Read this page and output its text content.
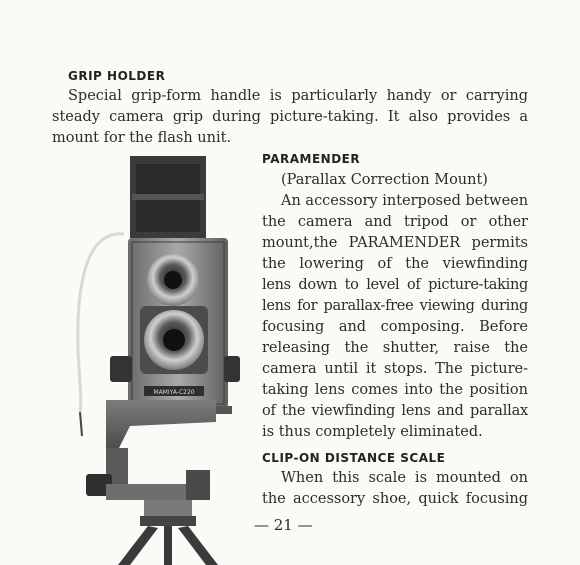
GRIP HOLDER
Special grip-form handle is particularly handy or carrying
steady camera grip during picture-taking. It also provides a
mount for the flash unit.
PARAMENDER
(Parallax Correction Mount)
An accessory interposed between
the camera and tripod or other
mount,the PARAMENDER permits
the lowering of the viewfinding
lens down to level of picture-taking
lens for parallax-free viewing during
focusing and composing. Before
releasing the shutter, raise the
camera until it stops. The picture-
taking lens comes into the position
of the viewfinding lens and parallax
is thus completely eliminated.
CLIP-ON DISTANCE SCALE
When this scale is mounted on
the accessory shoe, quick focusing
MAMIYA-C220
— 21 —
